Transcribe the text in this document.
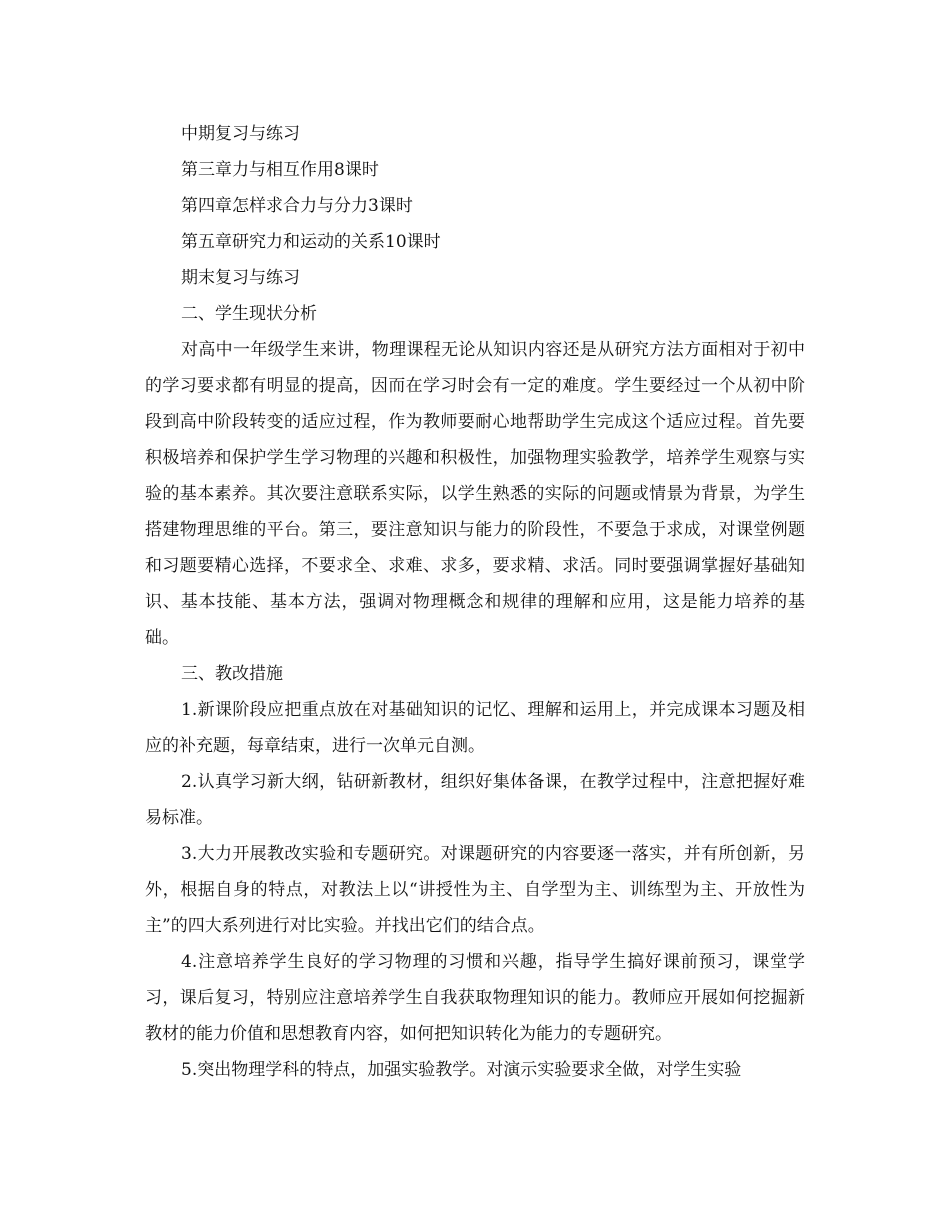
中期复习与练习

第三章力与相互作用8课时

第四章怎样求合力与分力3课时

第五章研究力和运动的关系10课时

期末复习与练习

二、学生现状分析

对高中一年级学生来讲，物理课程无论从知识内容还是从研究方法方面相对于初中的学习要求都有明显的提高，因而在学习时会有一定的难度。学生要经过一个从初中阶段到高中阶段转变的适应过程，作为教师要耐心地帮助学生完成这个适应过程。首先要积极培养和保护学生学习物理的兴趣和积极性，加强物理实验教学，培养学生观察与实验的基本素养。其次要注意联系实际，以学生熟悉的实际的问题或情景为背景，为学生搭建物理思维的平台。第三，要注意知识与能力的阶段性，不要急于求成，对课堂例题和习题要精心选择，不要求全、求难、求多，要求精、求活。同时要强调掌握好基础知识、基本技能、基本方法，强调对物理概念和规律的理解和应用，这是能力培养的基础。

三、教改措施

1.新课阶段应把重点放在对基础知识的记忆、理解和运用上，并完成课本习题及相应的补充题，每章结束，进行一次单元自测。

2.认真学习新大纲，钻研新教材，组织好集体备课，在教学过程中，注意把握好难易标准。

3.大力开展教改实验和专题研究。对课题研究的内容要逐一落实，并有所创新，另外，根据自身的特点，对教法上以“讲授性为主、自学型为主、训练型为主、开放性为主”的四大系列进行对比实验。并找出它们的结合点。

4.注意培养学生良好的学习物理的习惯和兴趣，指导学生搞好课前预习，课堂学习，课后复习，特别应注意培养学生自我获取物理知识的能力。教师应开展如何挖掘新教材的能力价值和思想教育内容，如何把知识转化为能力的专题研究。

5.突出物理学科的特点，加强实验教学。对演示实验要求全做，对学生实验
